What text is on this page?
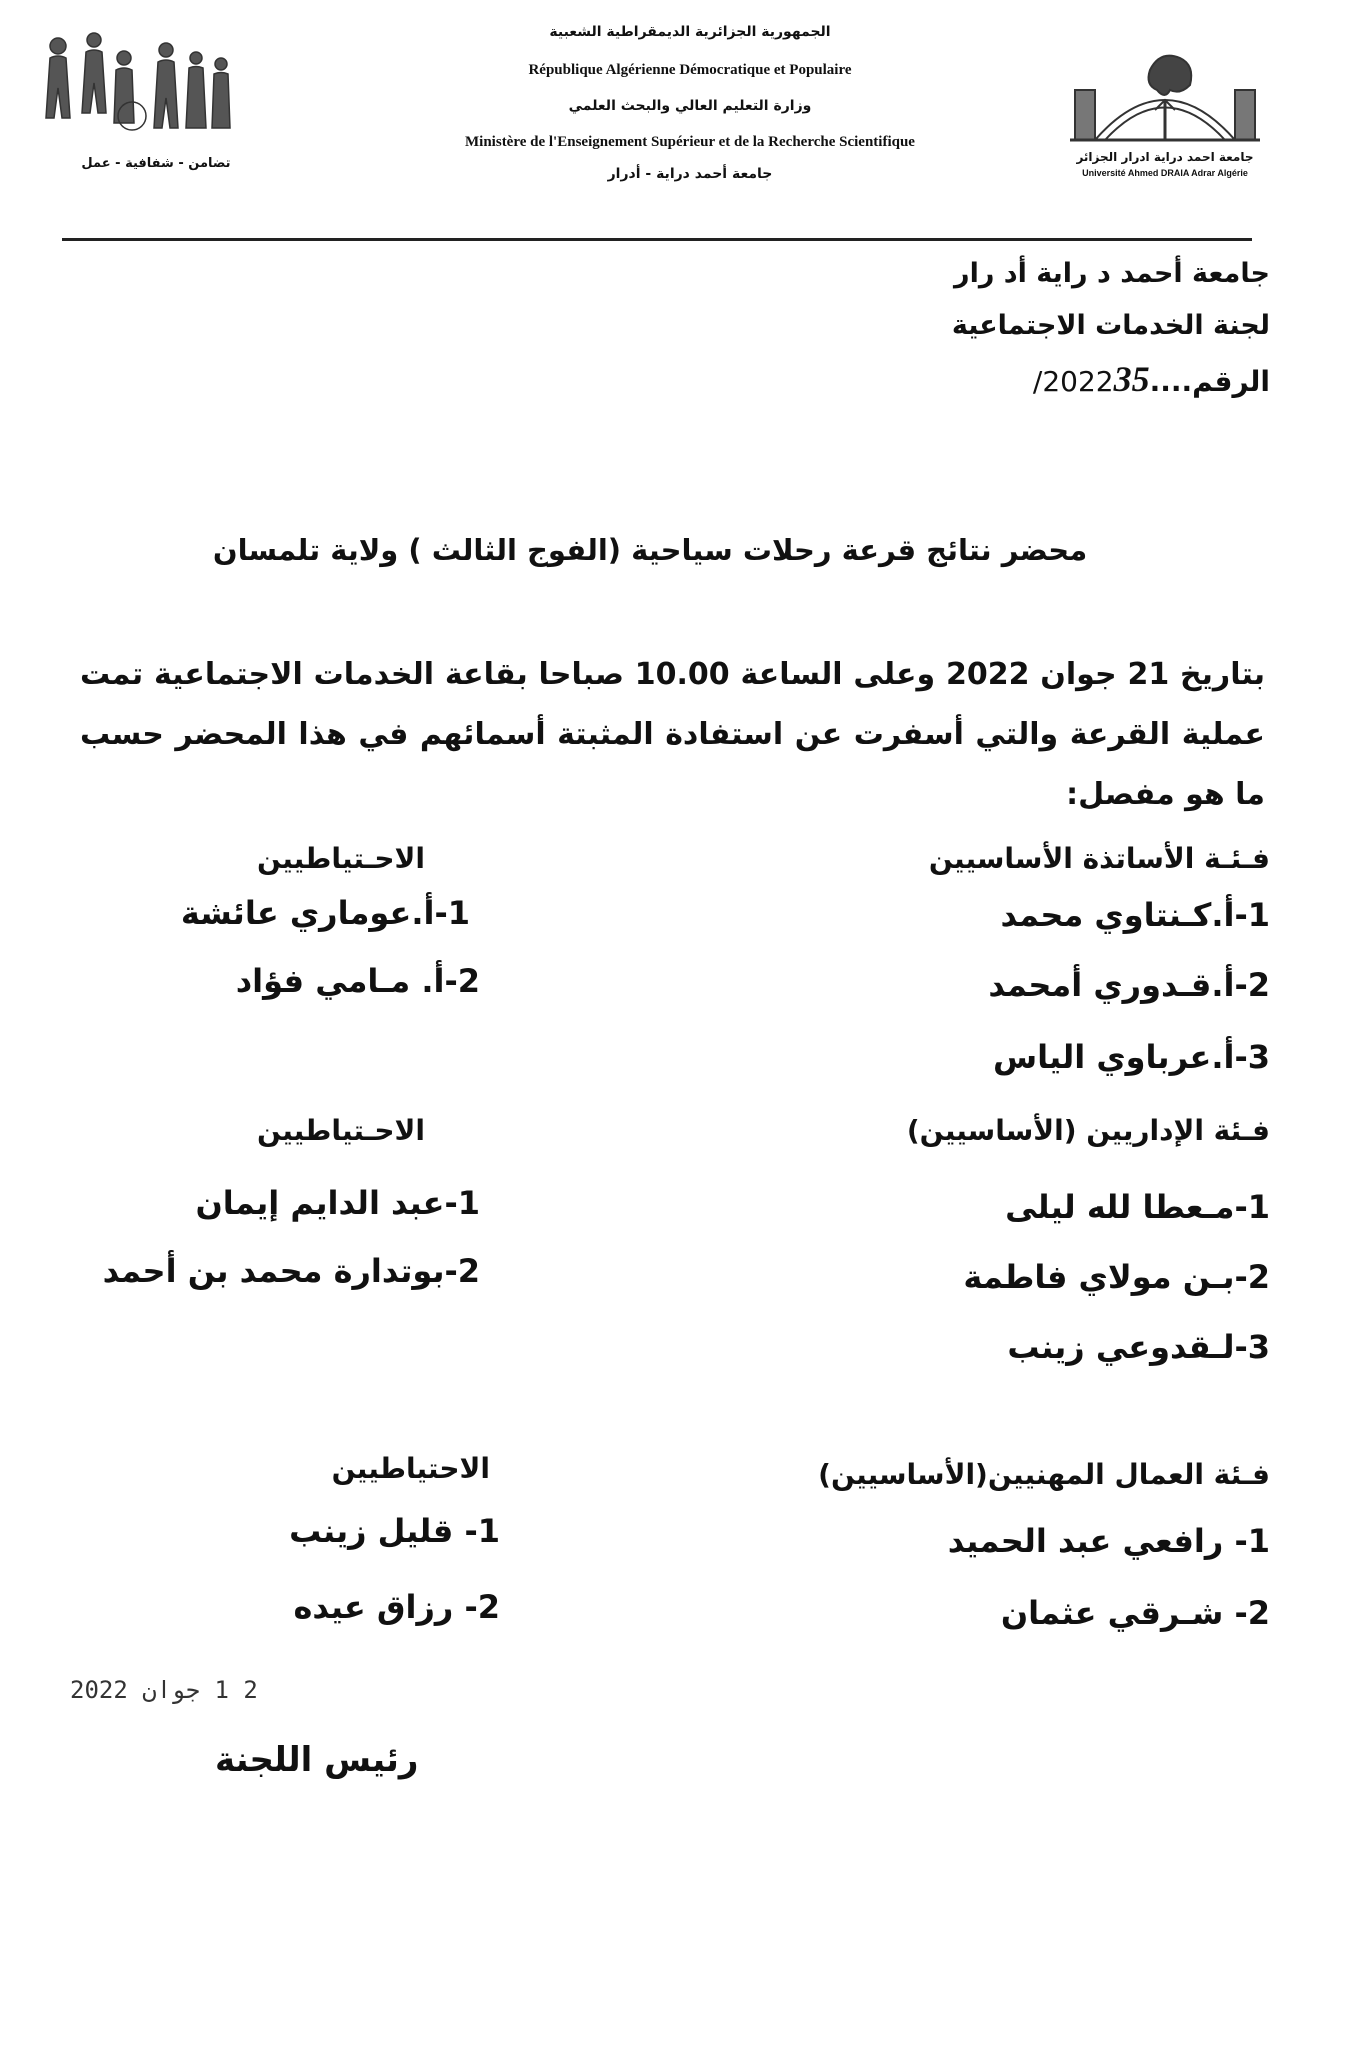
تضامن - شفافية - عمل
الجمهورية الجزائرية الديمقراطية الشعبية
République Algérienne Démocratique et Populaire
وزارة التعليم العالي والبحث العلمي
Ministère de l'Enseignement Supérieur et de la Recherche Scientifique
جامعة أحمد دراية - أدرار
جامعة احمد دراية ادرار الجزائر
Université Ahmed DRAIA Adrar Algérie
جامعة أحمد د راية أد رار
لجنة الخدمات الاجتماعية
الرقم....35/2022
محضر نتائج قرعة رحلات سياحية (الفوج الثالث ) ولاية تلمسان
بتاريخ 21 جوان 2022 وعلى الساعة 10.00 صباحا بقاعة الخدمات الاجتماعية تمت عملية القرعة والتي أسفرت عن استفادة المثبتة أسمائهم في هذا المحضر حسب ما هو مفصل:
فـئـة الأساتذة الأساسيين
الاحـتياطيين
1-أ.كـنتاوي محمد
2-أ.قـدوري أمحمد
3-أ.عرباوي الياس
1-أ.عوماري عائشة
2-أ. مـامي فؤاد
فـئة الإداريين (الأساسيين)
الاحـتياطيين
1-مـعطا لله ليلى
2-بـن مولاي فاطمة
3-لـقدوعي زينب
1-عبد الدايم إيمان
2-بوتدارة محمد بن أحمد
فـئة العمال المهنيين(الأساسيين)
الاحتياطيين
1- رافعي عبد الحميد
2- شـرقي عثمان
1- قليل زينب
2- رزاق عيده
2 1 جوان 2022
رئيس اللجنة
